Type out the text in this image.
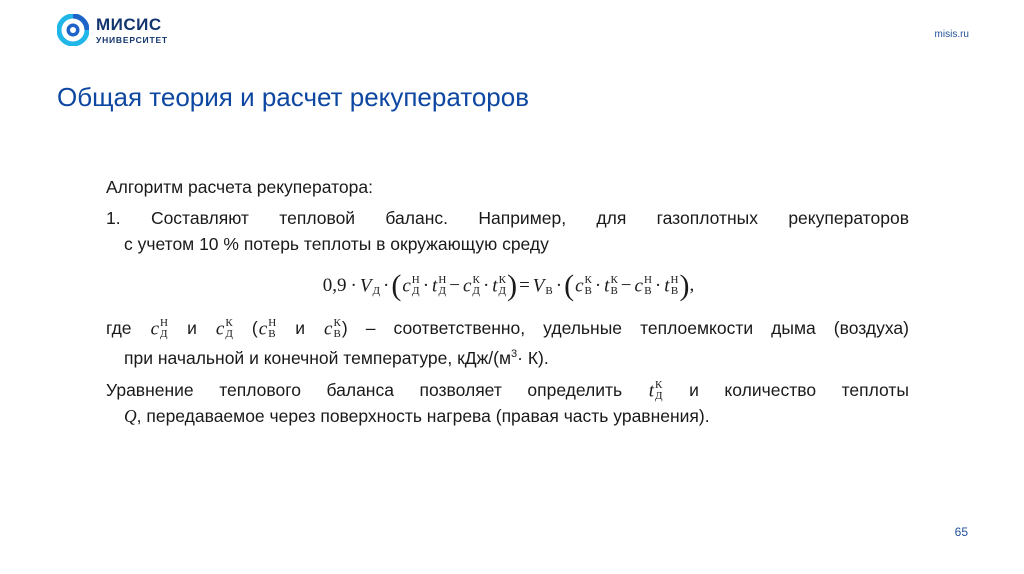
МИСИС
УНИВЕРСИТЕТ	misis.ru
Общая теория и расчет рекуператоров

Алгоритм расчета рекуператора:

1. Составляют тепловой баланс. Например, для газоплотных рекуператоров

с учетом 10 % потерь теплоты в окружающую среду

0,9 · V
Д ·(c Н
Д · t Н
Д − c К
Д · t К
Д ) = V
В ·(c К
В · t К
В − c Н
В · t Н
В ),

где c Н
Д и c К
Д (c Н
В и c К
В ) – соответственно, удельные теплоемкости дыма (воздуха)

при начальной и конечной температуре, кДж/$(м^3\cdot К)$.

Уравнение теплового баланса позволяет определить t К
Д и количество теплоты

Q, передаваемое через поверхность нагрева (правая часть уравнения).

65
